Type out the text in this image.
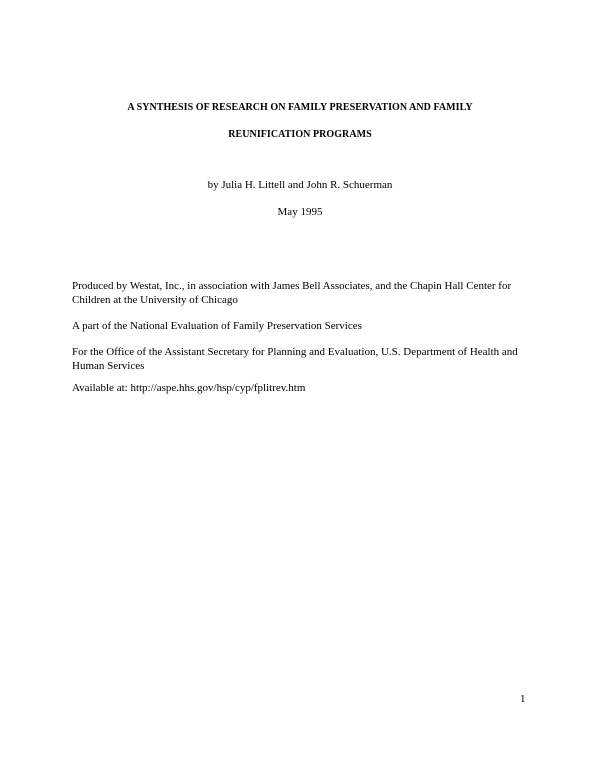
A SYNTHESIS OF RESEARCH ON FAMILY PRESERVATION AND FAMILY
REUNIFICATION PROGRAMS
by Julia H. Littell and John R. Schuerman
May 1995
Produced by Westat, Inc., in association with James Bell Associates, and the Chapin Hall Center for Children at the University of Chicago
A part of the National Evaluation of Family Preservation Services
For the Office of the Assistant Secretary for Planning and Evaluation, U.S. Department of Health and Human Services
Available at: http://aspe.hhs.gov/hsp/cyp/fplitrev.htm
1
